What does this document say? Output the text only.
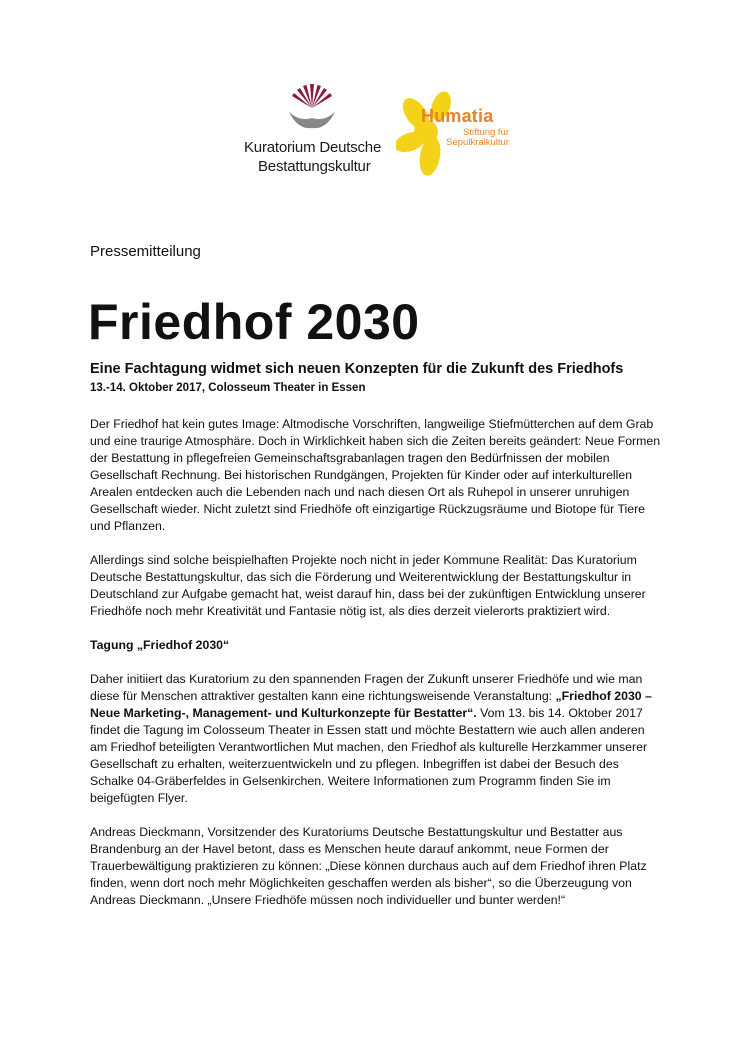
Kuratorium Deutsche
Bestattungskultur
Humatia
Stiftung für
Sepulkralkultur
Pressemitteilung
Friedhof 2030
Eine Fachtagung widmet sich neuen Konzepten für die Zukunft des Friedhofs
13.-14. Oktober 2017, Colosseum Theater in Essen

Der Friedhof hat kein gutes Image: Altmodische Vorschriften, langweilige Stiefmütterchen auf dem Grab und eine traurige Atmosphäre. Doch in Wirklichkeit haben sich die Zeiten bereits geändert: Neue Formen der Bestattung in pflegefreien Gemeinschaftsgrabanlagen tragen den Bedürfnissen der mobilen Gesellschaft Rechnung. Bei historischen Rundgängen, Projekten für Kinder oder auf interkulturellen Arealen entdecken auch die Lebenden nach und nach diesen Ort als Ruhepol in unserer unruhigen Gesellschaft wieder. Nicht zuletzt sind Friedhöfe oft einzigartige Rückzugsräume und Biotope für Tiere und Pflanzen.

Allerdings sind solche beispielhaften Projekte noch nicht in jeder Kommune Realität: Das Kuratorium Deutsche Bestattungskultur, das sich die Förderung und Weiterentwicklung der Bestattungskultur in Deutschland zur Aufgabe gemacht hat, weist darauf hin, dass bei der zukünftigen Entwicklung unserer Friedhöfe noch mehr Kreativität und Fantasie nötig ist, als dies derzeit vielerorts praktiziert wird.

Tagung „Friedhof 2030“

Daher initiiert das Kuratorium zu den spannenden Fragen der Zukunft unserer Friedhöfe und wie man diese für Menschen attraktiver gestalten kann eine richtungsweisende Veranstaltung: „Friedhof 2030 – Neue Marketing-, Management- und Kulturkonzepte für Bestatter“. Vom 13. bis 14. Oktober 2017 findet die Tagung im Colosseum Theater in Essen statt und möchte Bestattern wie auch allen anderen am Friedhof beteiligten Verantwortlichen Mut machen, den Friedhof als kulturelle Herzkammer unserer Gesellschaft zu erhalten, weiterzuentwickeln und zu pflegen. Inbegriffen ist dabei der Besuch des Schalke 04-Gräberfeldes in Gelsenkirchen. Weitere Informationen zum Programm finden Sie im beigefügten Flyer.

Andreas Dieckmann, Vorsitzender des Kuratoriums Deutsche Bestattungskultur und Bestatter aus Brandenburg an der Havel betont, dass es Menschen heute darauf ankommt, neue Formen der Trauerbewältigung praktizieren zu können: „Diese können durchaus auch auf dem Friedhof ihren Platz finden, wenn dort noch mehr Möglichkeiten geschaffen werden als bisher“, so die Überzeugung von Andreas Dieckmann. „Unsere Friedhöfe müssen noch individueller und bunter werden!“
